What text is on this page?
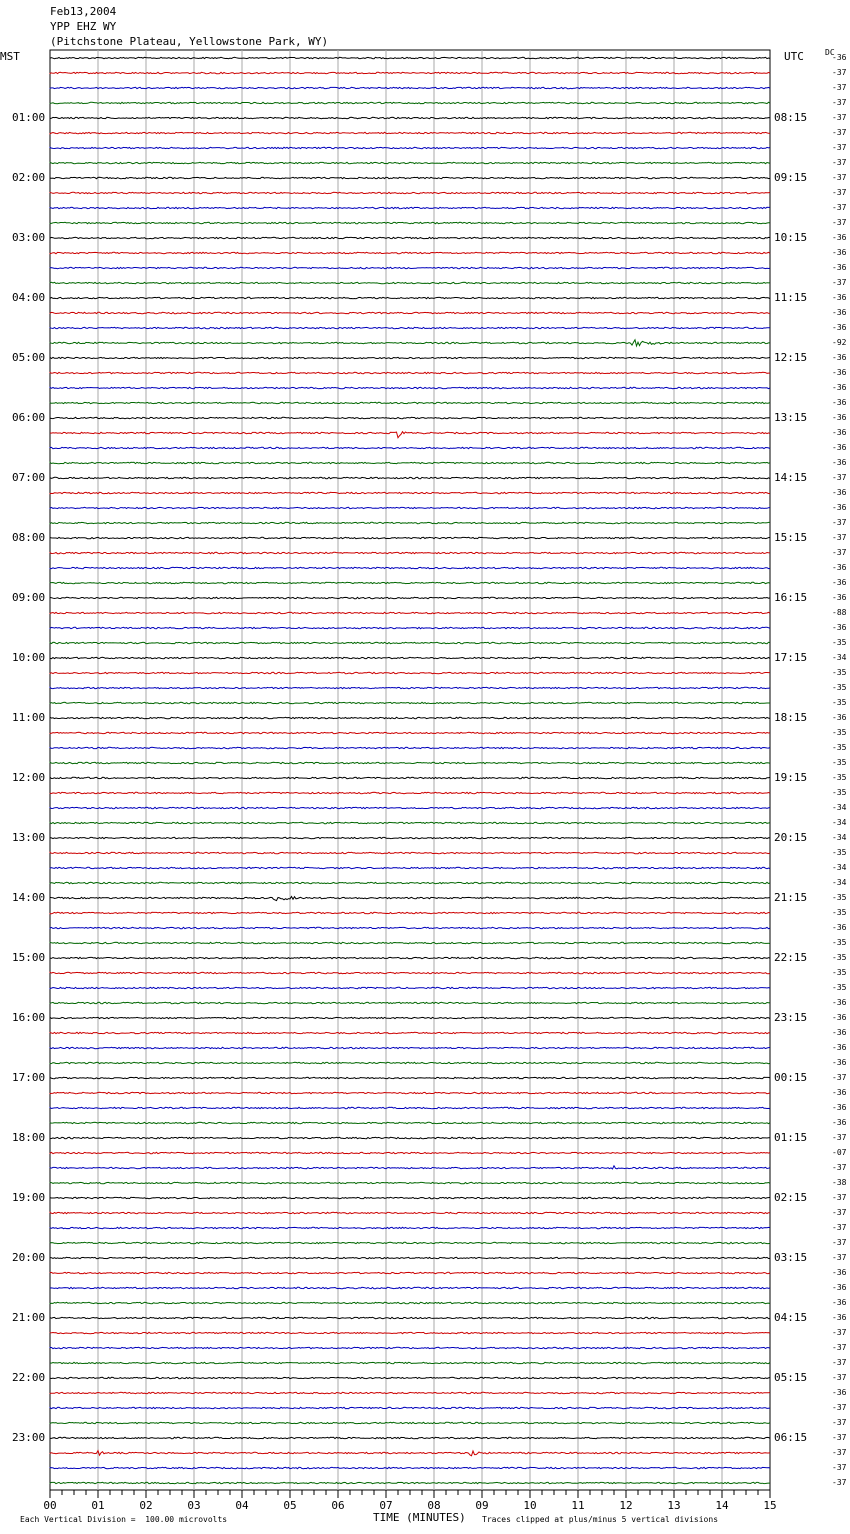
Feb13,2004
YPP EHZ WY
(Pitchstone Plateau, Yellowstone Park, WY)
MST	UTC	DC
01:00
02:00
03:00
04:00
05:00
06:00
07:00
08:00
09:00
10:00
11:00
12:00
13:00
14:00
15:00
16:00
17:00
18:00
19:00
20:00
21:00
22:00
23:00
08:15
09:15
10:15
11:15
12:15
13:15
14:15
15:15
16:15
17:15
18:15
19:15
20:15
21:15
22:15
23:15
00:15
01:15
02:15
03:15
04:15
05:15
06:15
-36
-37
-37
-37
-37
-37
-37
-37
-37
-37
-37
-37
-36
-36
-36
-37
-36
-36
-36
-92
-36
-36
-36
-36
-36
-36
-36
-36
-37
-36
-36
-37
-37
-37
-36
-36
-36
-88
-36
-35
-34
-35
-35
-35
-36
-35
-35
-35
-35
-35
-34
-34
-34
-35
-34
-34
-35
-35
-36
-35
-35
-35
-35
-36
-36
-36
-36
-36
-37
-36
-36
-36
-37
-07
-37
-38
-37
-37
-37
-37
-37
-36
-36
-36
-36
-37
-37
-37
-37
-36
-37
-37
-37
-37
-37
-37
00	01	02	03	04	05	06	07	08	09	10	11	12	13	14	15
TIME (MINUTES)
Each Vertical Division =  100.00 microvolts	Traces clipped at plus/minus 5 vertical divisions
